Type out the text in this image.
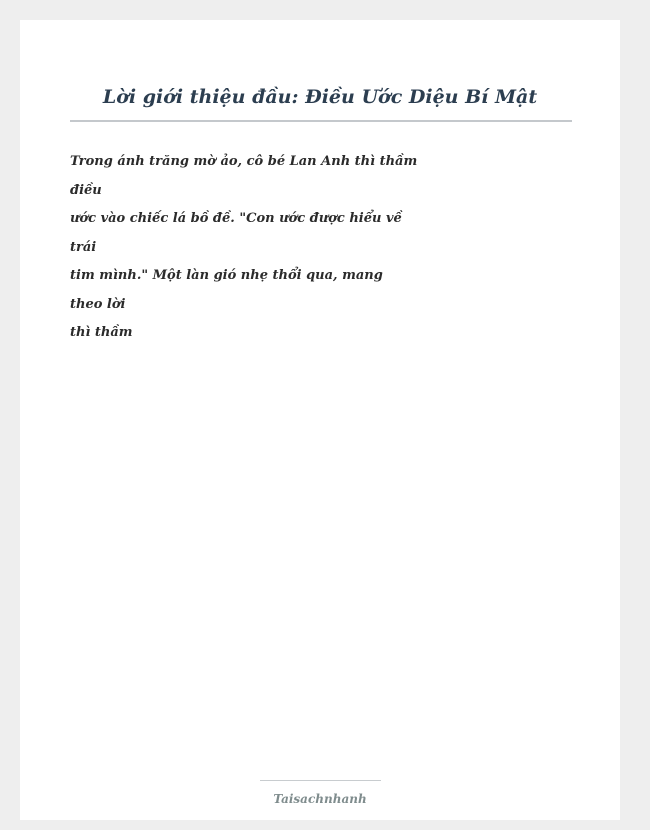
Lời giới thiệu đầu: Điều Ước Diệu Bí Mật
Trong ánh trăng mờ ảo, cô bé Lan Anh thì thầm
điều
ước vào chiếc lá bồ đề. "Con ước được hiểu về
trái
tim mình." Một làn gió nhẹ thổi qua, mang
theo lời
thì thầm
Taisachnhanh
